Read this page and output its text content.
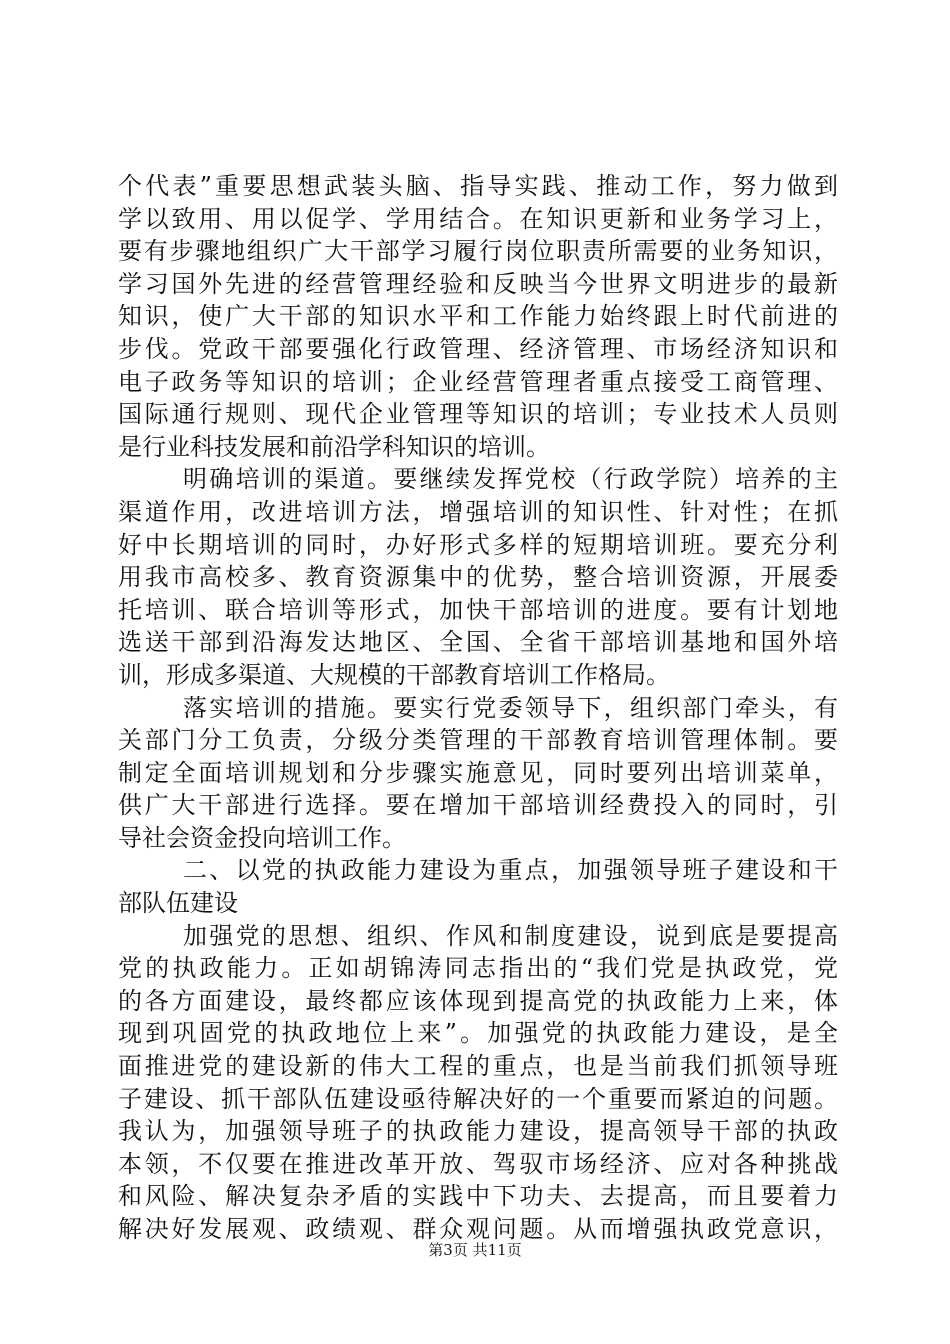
个代表”重要思想武装头脑、指导实践、推动工作，努力做到
学以致用、用以促学、学用结合。在知识更新和业务学习上，
要有步骤地组织广大干部学习履行岗位职责所需要的业务知识，
学习国外先进的经营管理经验和反映当今世界文明进步的最新
知识，使广大干部的知识水平和工作能力始终跟上时代前进的
步伐。党政干部要强化行政管理、经济管理、市场经济知识和
电子政务等知识的培训；企业经营管理者重点接受工商管理、
国际通行规则、现代企业管理等知识的培训；专业技术人员则
是行业科技发展和前沿学科知识的培训。
明确培训的渠道。要继续发挥党校（行政学院）培养的主
渠道作用，改进培训方法，增强培训的知识性、针对性；在抓
好中长期培训的同时，办好形式多样的短期培训班。要充分利
用我市高校多、教育资源集中的优势，整合培训资源，开展委
托培训、联合培训等形式，加快干部培训的进度。要有计划地
选送干部到沿海发达地区、全国、全省干部培训基地和国外培
训，形成多渠道、大规模的干部教育培训工作格局。
落实培训的措施。要实行党委领导下，组织部门牵头，有
关部门分工负责，分级分类管理的干部教育培训管理体制。要
制定全面培训规划和分步骤实施意见，同时要列出培训菜单，
供广大干部进行选择。要在增加干部培训经费投入的同时，引
导社会资金投向培训工作。
二、以党的执政能力建设为重点，加强领导班子建设和干
部队伍建设
加强党的思想、组织、作风和制度建设，说到底是要提高
党的执政能力。正如胡锦涛同志指出的“我们党是执政党，党
的各方面建设，最终都应该体现到提高党的执政能力上来，体
现到巩固党的执政地位上来”。加强党的执政能力建设，是全
面推进党的建设新的伟大工程的重点，也是当前我们抓领导班
子建设、抓干部队伍建设亟待解决好的一个重要而紧迫的问题。
我认为，加强领导班子的执政能力建设，提高领导干部的执政
本领，不仅要在推进改革开放、驾驭市场经济、应对各种挑战
和风险、解决复杂矛盾的实践中下功夫、去提高，而且要着力
解决好发展观、政绩观、群众观问题。从而增强执政党意识，
第3页 共11页
